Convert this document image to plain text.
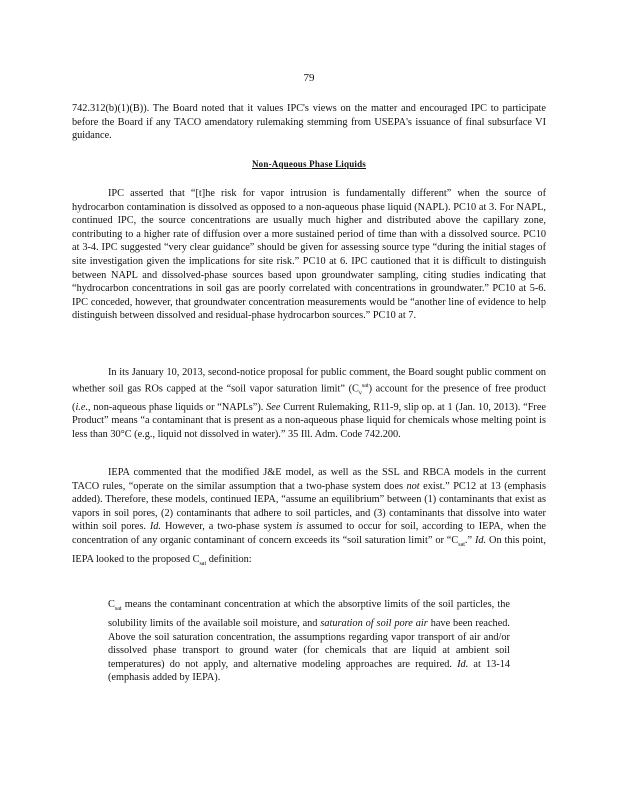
79

742.312(b)(1)(B)). The Board noted that it values IPC's views on the matter and encouraged IPC to participate before the Board if any TACO amendatory rulemaking stemming from USEPA's issuance of final subsurface VI guidance.

Non-Aqueous Phase Liquids

IPC asserted that “[t]he risk for vapor intrusion is fundamentally different” when the source of hydrocarbon contamination is dissolved as opposed to a non-aqueous phase liquid (NAPL). PC10 at 3. For NAPL, continued IPC, the source concentrations are usually much higher and distributed above the capillary zone, contributing to a higher rate of diffusion over a more sustained period of time than with a dissolved source. PC10 at 3-4. IPC suggested “very clear guidance” should be given for assessing source type “during the initial stages of site investigation given the implications for site risk.” PC10 at 6. IPC cautioned that it is difficult to distinguish between NAPL and dissolved-phase sources based upon groundwater sampling, citing studies indicating that “hydrocarbon concentrations in soil gas are poorly correlated with concentrations in groundwater.” PC10 at 5-6. IPC conceded, however, that groundwater concentration measurements would be “another line of evidence to help distinguish between dissolved and residual-phase hydrocarbon sources.” PC10 at 7.

In its January 10, 2013, second-notice proposal for public comment, the Board sought public comment on whether soil gas ROs capped at the “soil vapor saturation limit” $(C_v^{sat})$ account for the presence of free product (i.e., non-aqueous phase liquids or “NAPLs”). See Current Rulemaking, R11-9, slip op. at 1 (Jan. 10, 2013). “Free Product” means “a contaminant that is present as a non-aqueous phase liquid for chemicals whose melting point is less than 30°C (e.g., liquid not dissolved in water).” 35 Ill. Adm. Code 742.200.

IEPA commented that the modified J&E model, as well as the SSL and RBCA models in the current TACO rules, “operate on the similar assumption that a two-phase system does not exist.” PC12 at 13 (emphasis added). Therefore, these models, continued IEPA, “assume an equilibrium” between (1) contaminants that exist as vapors in soil pores, (2) contaminants that adhere to soil particles, and (3) contaminants that dissolve into water within soil pores. Id. However, a two-phase system is assumed to occur for soil, according to IEPA, when the concentration of any organic contaminant of concern exceeds its “soil saturation limit” or “$C_{sat}$.” Id. On this point, IEPA looked to the proposed $C_{sat}$ definition:

$C_{sat}$ means the contaminant concentration at which the absorptive limits of the soil particles, the solubility limits of the available soil moisture, and saturation of soil pore air have been reached. Above the soil saturation concentration, the assumptions regarding vapor transport of air and/or dissolved phase transport to ground water (for chemicals that are liquid at ambient soil temperatures) do not apply, and alternative modeling approaches are required. Id. at 13-14 (emphasis added by IEPA).
